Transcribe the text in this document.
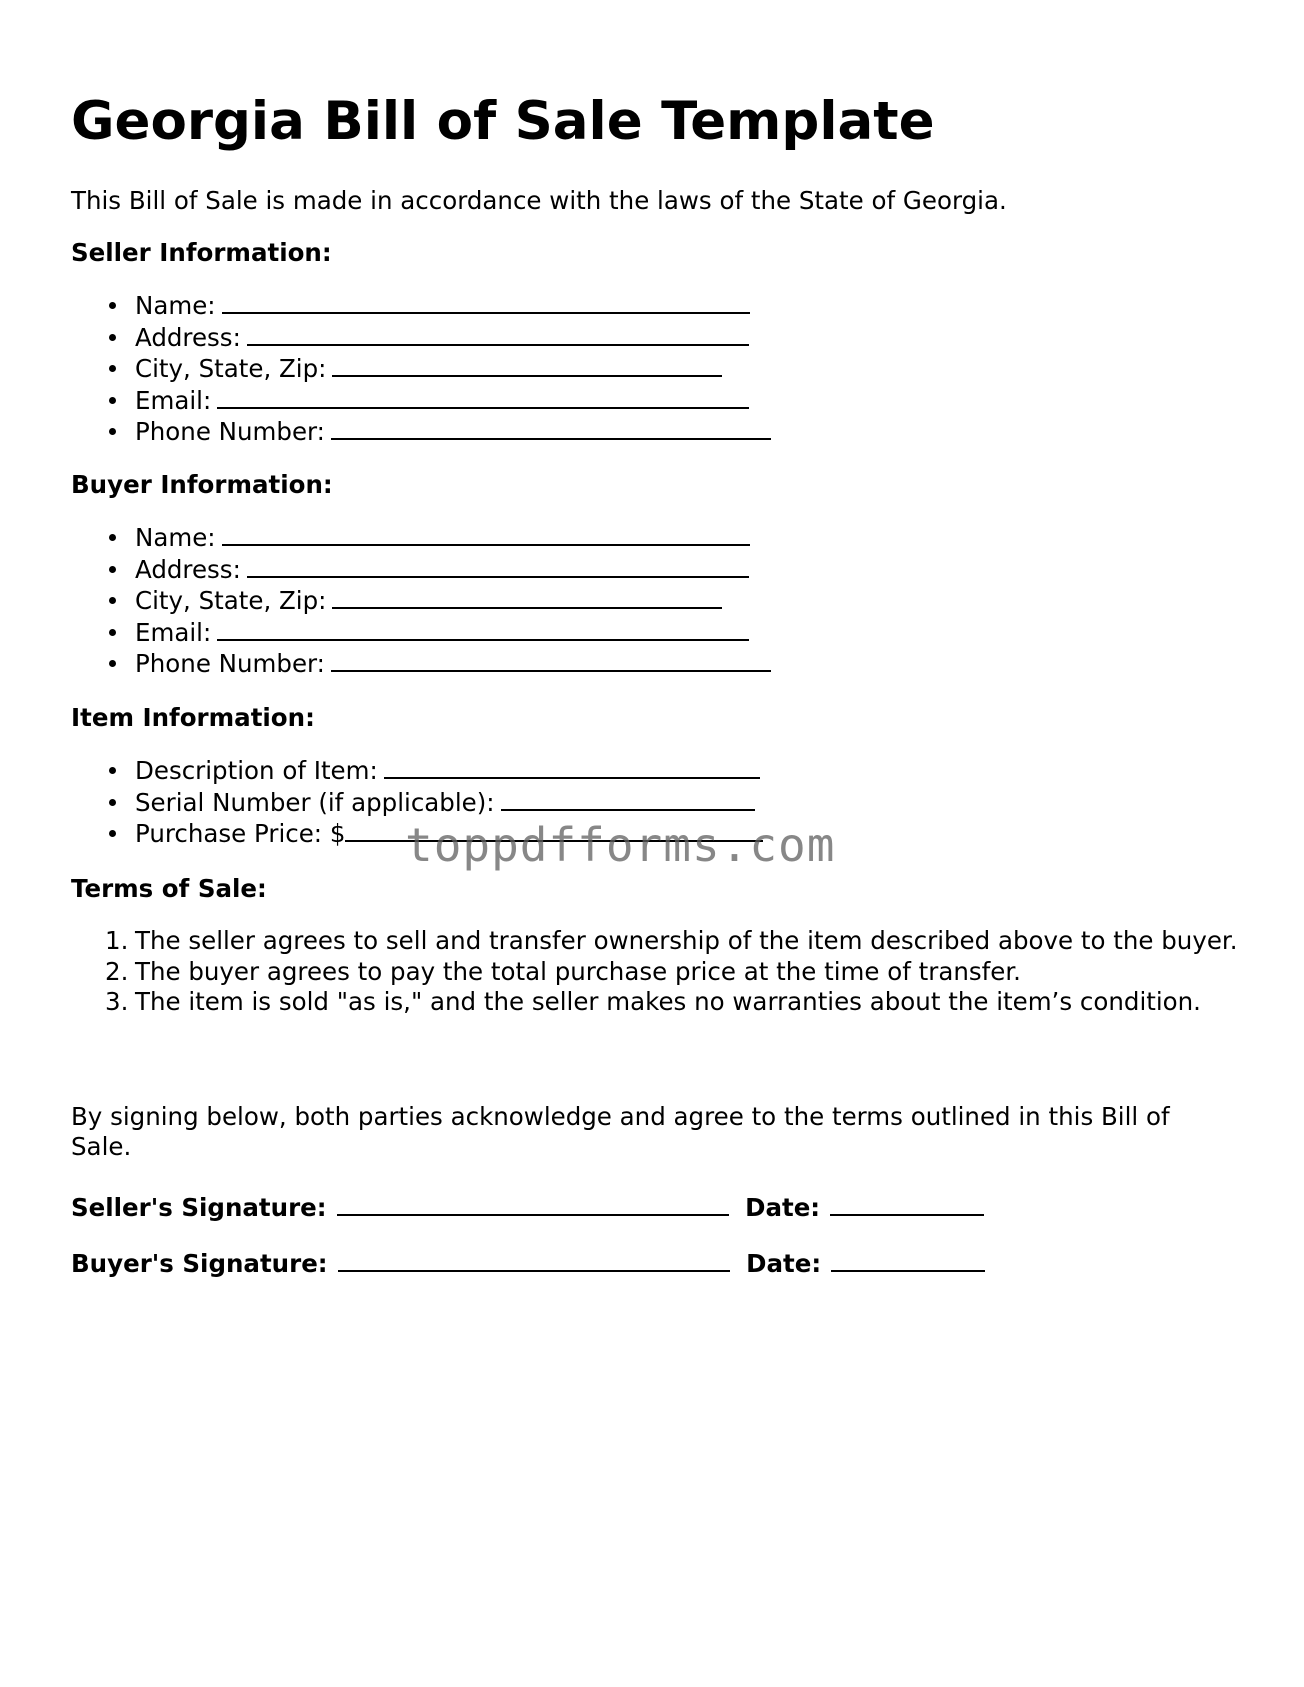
Georgia Bill of Sale Template

This Bill of Sale is made in accordance with the laws of the State of Georgia.

Seller Information:

Name:
Address:
City, State, Zip:
Email:
Phone Number:

Buyer Information:

Name:
Address:
City, State, Zip:
Email:
Phone Number:

Item Information:

Description of Item:
Serial Number (if applicable):
Purchase Price: $

Terms of Sale:

1. The seller agrees to sell and transfer ownership of the item described above to the buyer.
2. The buyer agrees to pay the total purchase price at the time of transfer.
3. The item is sold "as is," and the seller makes no warranties about the item’s condition.

By signing below, both parties acknowledge and agree to the terms outlined in this Bill of Sale.

Seller's Signature:	Date:
Buyer's Signature:	Date:
toppdfforms.com
